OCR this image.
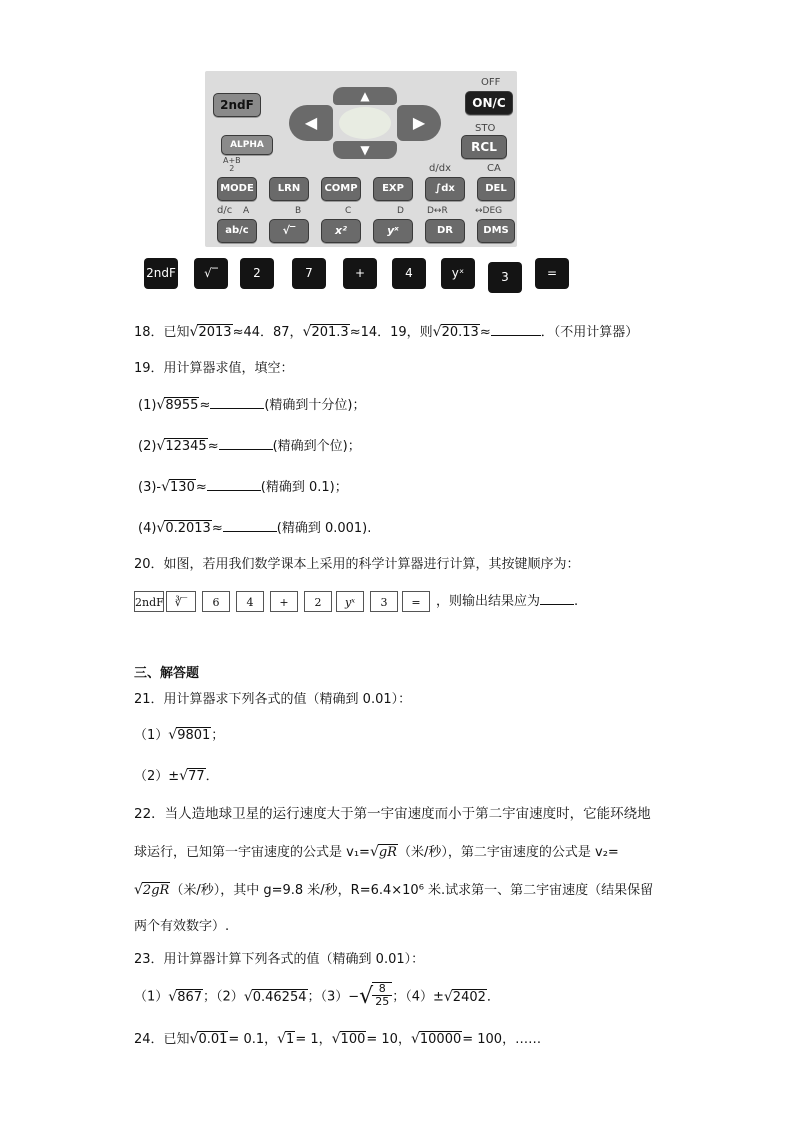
2ndF
▲
◀	▶
▼
OFF
ON/C
STO
ALPHA	RCL
A+B
2	d/dx	CA
MODE	LRN	COMP	EXP	∫dx	DEL
d/c A	B	C	D	D↔R	↔DEG
ab/c	√‾	x²	yˣ	DR	DMS
2ndF	√‾	2	7	+	4	yˣ	3	=
18．已知√2013≈44．87，√201.3≈14．19，则√20.13≈	．（不用计算器）
19．用计算器求值，填空：
(1)√8955≈	(精确到十分位)；
(2)√12345≈	(精确到个位)；
(3)-√130≈	(精确到 0.1)；
(4)√0.2013≈	(精确到 0.001).
20．如图，若用我们数学课本上采用的科学计算器进行计算，其按键顺序为：
2ndF ∛‾	6	4	+	2	yˣ	3	=	，则输出结果应为	.
三、解答题
21．用计算器求下列各式的值（精确到 0.01）：
（1）√9801；
（2）±√77．
22．当人造地球卫星的运行速度大于第一宇宙速度而小于第二宇宙速度时，它能环绕地
球运行，已知第一宇宙速度的公式是 v₁=√gR（米/秒），第二宇宙速度的公式是 v₂=
√2gR（米/秒），其中 g=9.8 米/秒，R=6.4×10⁶ 米.试求第一、第二宇宙速度（结果保留
两个有效数字）.
23．用计算器计算下列各式的值（精确到 0.01）：
（1）√867；（2）√0.46254；$(3)-√ \frac{8}{25}$ ；（4）±√2402．
24．已知√0.01= 0.1，√1= 1，√100= 10，√10000= 100，……
